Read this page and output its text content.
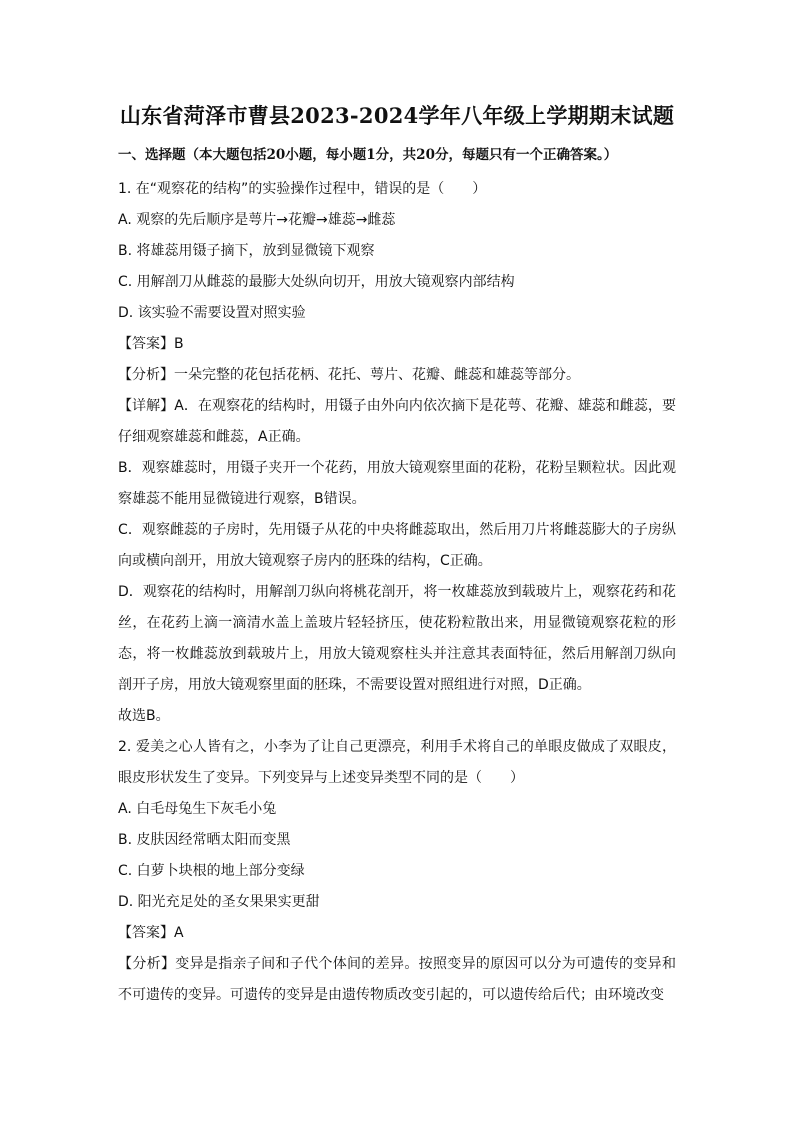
山东省菏泽市曹县2023-2024学年八年级上学期期末试题
一、选择题（本大题包括20小题，每小题1分，共20分，每题只有一个正确答案。）

1. 在“观察花的结构”的实验操作过程中，错误的是（　　）

A. 观察的先后顺序是萼片→花瓣→雄蕊→雌蕊

B. 将雄蕊用镊子摘下，放到显微镜下观察

C. 用解剖刀从雌蕊的最膨大处纵向切开，用放大镜观察内部结构

D. 该实验不需要设置对照实验

【答案】B

【分析】一朵完整的花包括花柄、花托、萼片、花瓣、雌蕊和雄蕊等部分。

【详解】A．在观察花的结构时，用镊子由外向内依次摘下是花萼、花瓣、雄蕊和雌蕊，要仔细观察雄蕊和雌蕊，A正确。

B．观察雄蕊时，用镊子夹开一个花药，用放大镜观察里面的花粉，花粉呈颗粒状。因此观察雄蕊不能用显微镜进行观察，B错误。

C．观察雌蕊的子房时，先用镊子从花的中央将雌蕊取出，然后用刀片将雌蕊膨大的子房纵向或横向剖开，用放大镜观察子房内的胚珠的结构，C正确。

D．观察花的结构时，用解剖刀纵向将桃花剖开，将一枚雄蕊放到载玻片上，观察花药和花丝，在花药上滴一滴清水盖上盖玻片轻轻挤压，使花粉粒散出来，用显微镜观察花粒的形态，将一枚雌蕊放到载玻片上，用放大镜观察柱头并注意其表面特征，然后用解剖刀纵向剖开子房，用放大镜观察里面的胚珠，不需要设置对照组进行对照，D正确。

故选B。

2. 爱美之心人皆有之，小李为了让自己更漂亮，利用手术将自己的单眼皮做成了双眼皮，眼皮形状发生了变异。下列变异与上述变异类型不同的是（　　）

A. 白毛母兔生下灰毛小兔

B. 皮肤因经常晒太阳而变黑

C. 白萝卜块根的地上部分变绿

D. 阳光充足处的圣女果果实更甜

【答案】A

【分析】变异是指亲子间和子代个体间的差异。按照变异的原因可以分为可遗传的变异和不可遗传的变异。可遗传的变异是由遗传物质改变引起的，可以遗传给后代；由环境改变
